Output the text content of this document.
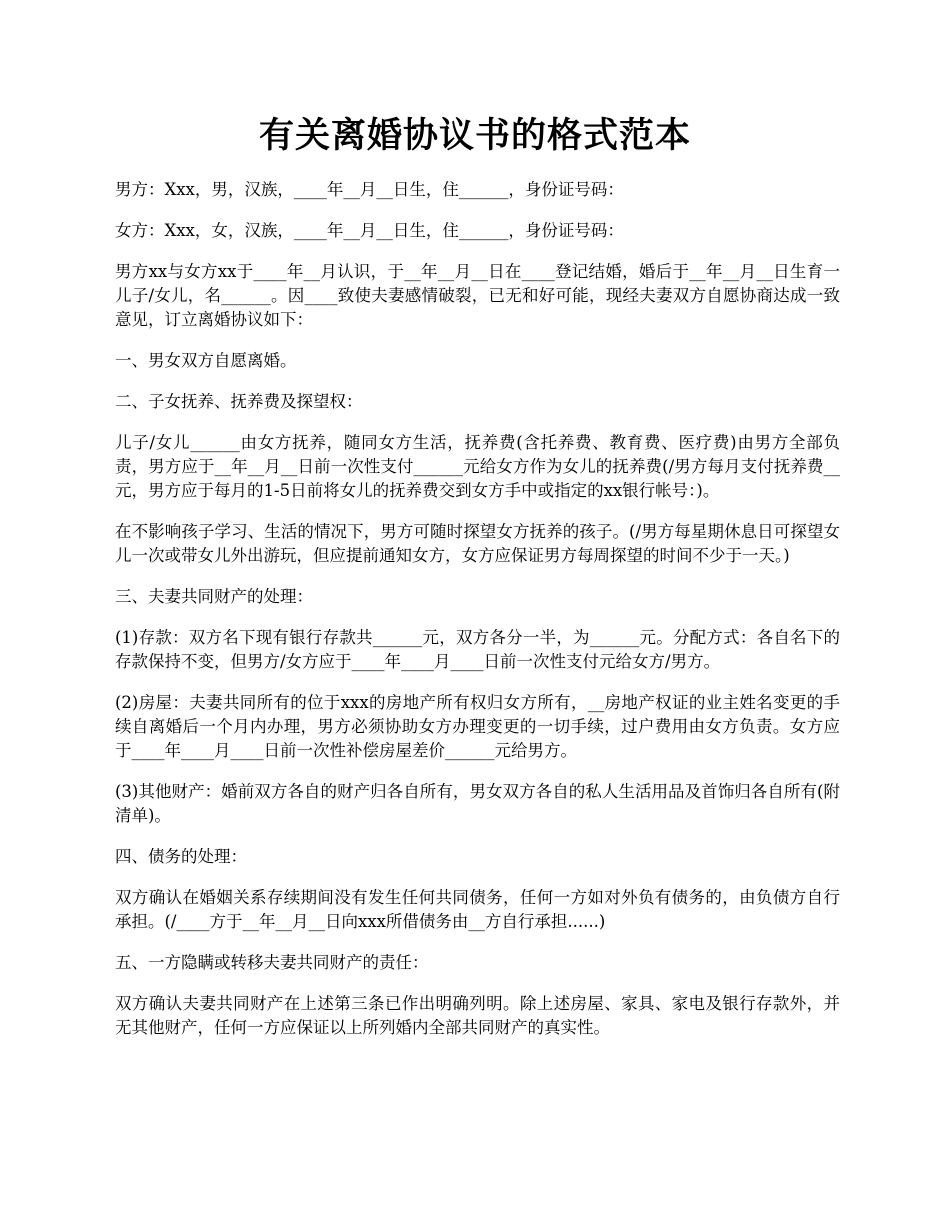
有关离婚协议书的格式范本

男方：Xxx，男，汉族，____年__月__日生，住______，身份证号码：

女方：Xxx，女，汉族，____年__月__日生，住______，身份证号码：

男方xx与女方xx于____年__月认识，于__年__月__日在____登记结婚，婚后于__年__月__日生育一儿子/女儿，名______。因____致使夫妻感情破裂，已无和好可能，现经夫妻双方自愿协商达成一致意见，订立离婚协议如下：

一、男女双方自愿离婚。

二、子女抚养、抚养费及探望权：

儿子/女儿______由女方抚养，随同女方生活，抚养费(含托养费、教育费、医疗费)由男方全部负责，男方应于__年__月__日前一次性支付______元给女方作为女儿的抚养费(/男方每月支付抚养费__元，男方应于每月的1-5日前将女儿的抚养费交到女方手中或指定的xx银行帐号：)。

在不影响孩子学习、生活的情况下，男方可随时探望女方抚养的孩子。(/男方每星期休息日可探望女儿一次或带女儿外出游玩，但应提前通知女方，女方应保证男方每周探望的时间不少于一天。)

三、夫妻共同财产的处理：

(1)存款：双方名下现有银行存款共______元，双方各分一半，为______元。分配方式：各自名下的存款保持不变，但男方/女方应于____年____月____日前一次性支付元给女方/男方。

(2)房屋：夫妻共同所有的位于xxx的房地产所有权归女方所有，__房地产权证的业主姓名变更的手续自离婚后一个月内办理，男方必须协助女方办理变更的一切手续，过户费用由女方负责。女方应于____年____月____日前一次性补偿房屋差价______元给男方。

(3)其他财产：婚前双方各自的财产归各自所有，男女双方各自的私人生活用品及首饰归各自所有(附清单)。

四、债务的处理：

双方确认在婚姻关系存续期间没有发生任何共同债务，任何一方如对外负有债务的，由负债方自行承担。(/____方于__年__月__日向xxx所借债务由__方自行承担......)

五、一方隐瞒或转移夫妻共同财产的责任：

双方确认夫妻共同财产在上述第三条已作出明确列明。除上述房屋、家具、家电及银行存款外，并无其他财产，任何一方应保证以上所列婚内全部共同财产的真实性。
